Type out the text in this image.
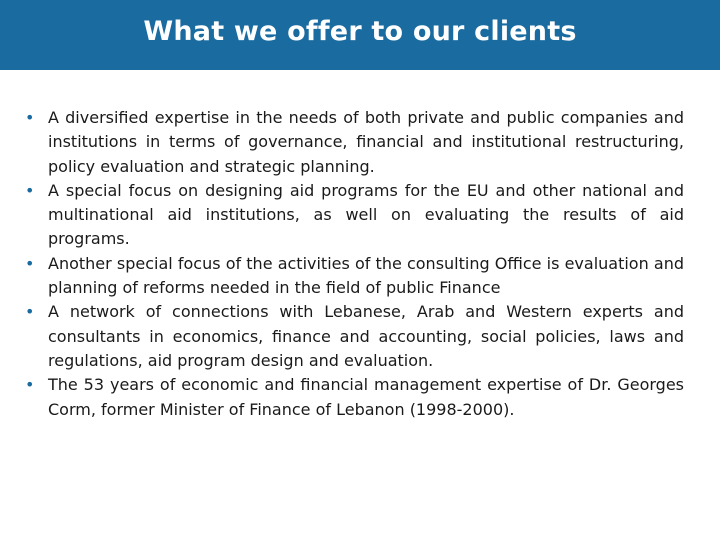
What we offer to our clients
• A diversified expertise in the needs of both private and public companies and institutions in terms of governance, financial and institutional restructuring, policy evaluation and strategic planning.
• A special focus on designing aid programs for the EU and other national and multinational aid institutions, as well on evaluating the results of aid programs.
• Another special focus of the activities of the consulting Office is evaluation and planning of reforms needed in the field of public Finance
• A network of connections with Lebanese, Arab and Western experts and consultants in economics, finance and accounting, social policies, laws and regulations, aid program design and evaluation.
• The 53 years of economic and financial management expertise of Dr. Georges Corm, former Minister of Finance of Lebanon (1998-2000).
